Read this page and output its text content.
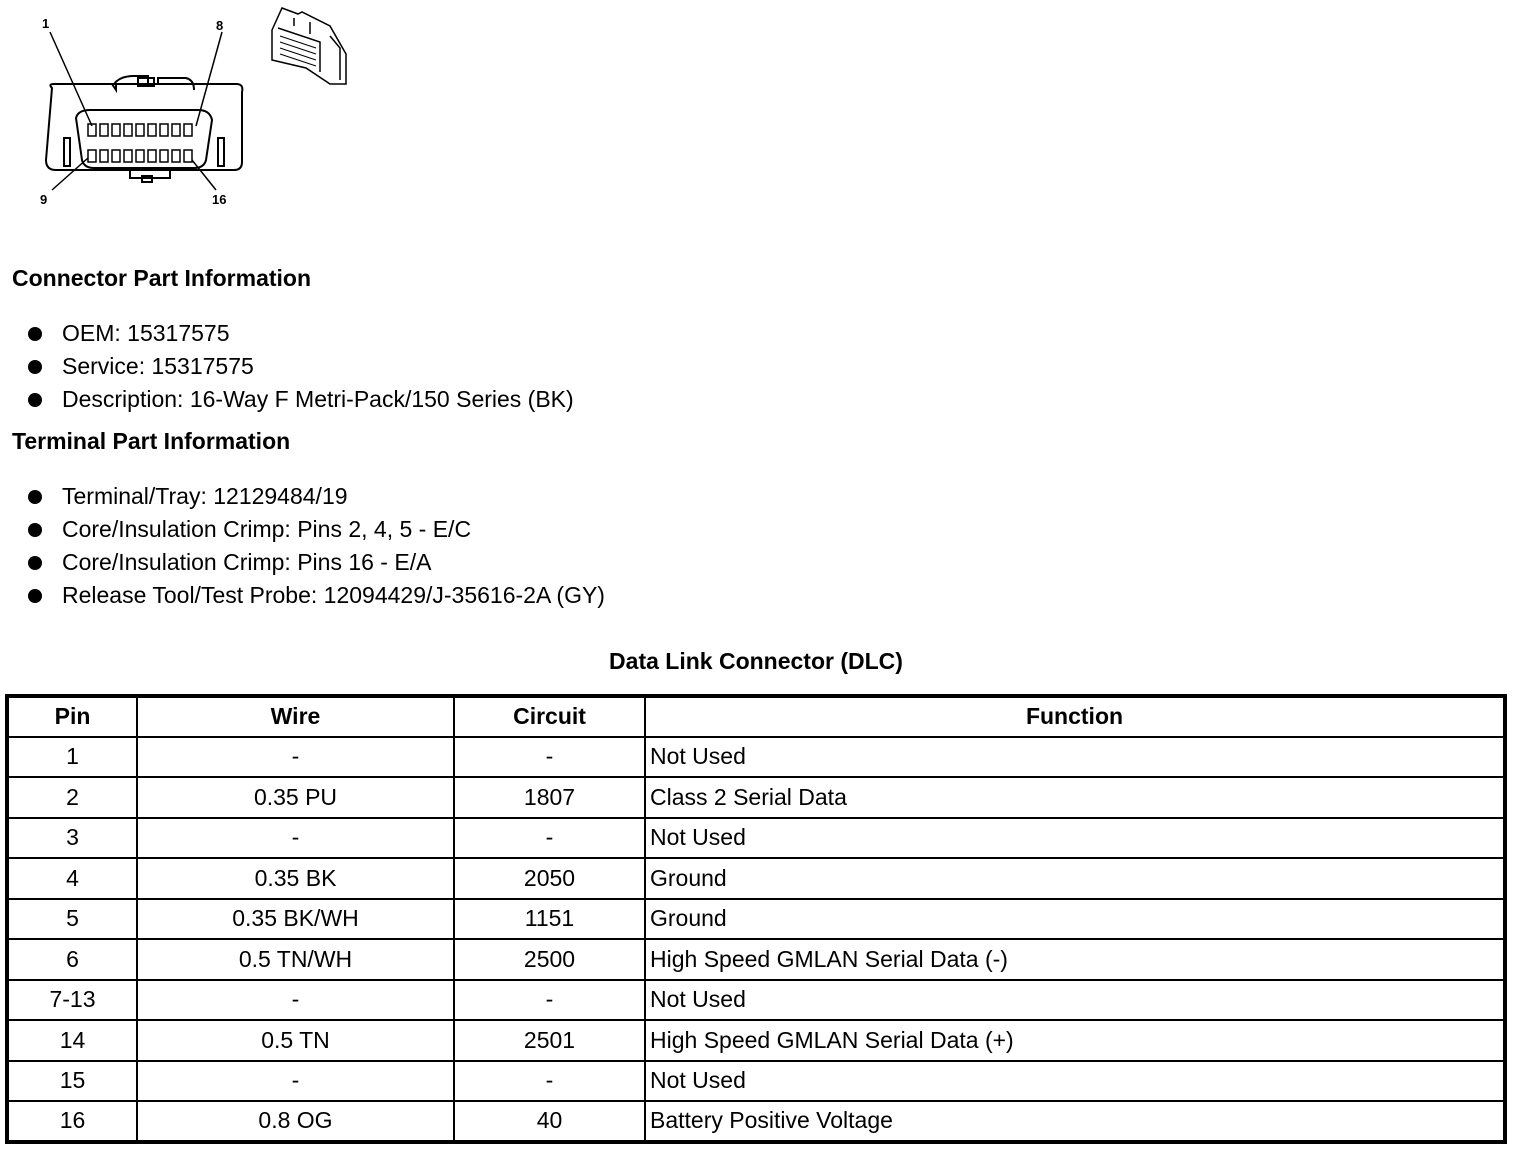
1	8
9	16
Connector Part Information
OEM: 15317575
Service: 15317575
Description: 16-Way F Metri-Pack/150 Series (BK)
Terminal Part Information
Terminal/Tray: 12129484/19
Core/Insulation Crimp: Pins 2, 4, 5 - E/C
Core/Insulation Crimp: Pins 16 - E/A
Release Tool/Test Probe: 12094429/J-35616-2A (GY)
Data Link Connector (DLC)
Pin	Wire	Circuit	Function
1	-	-	Not Used
2	0.35 PU	1807	Class 2 Serial Data
3	-	-	Not Used
4	0.35 BK	2050	Ground
5	0.35 BK/WH	1151	Ground
6	0.5 TN/WH	2500	High Speed GMLAN Serial Data (-)
7-13	-	-	Not Used
14	0.5 TN	2501	High Speed GMLAN Serial Data (+)
15	-	-	Not Used
16	0.8 OG	40	Battery Positive Voltage
